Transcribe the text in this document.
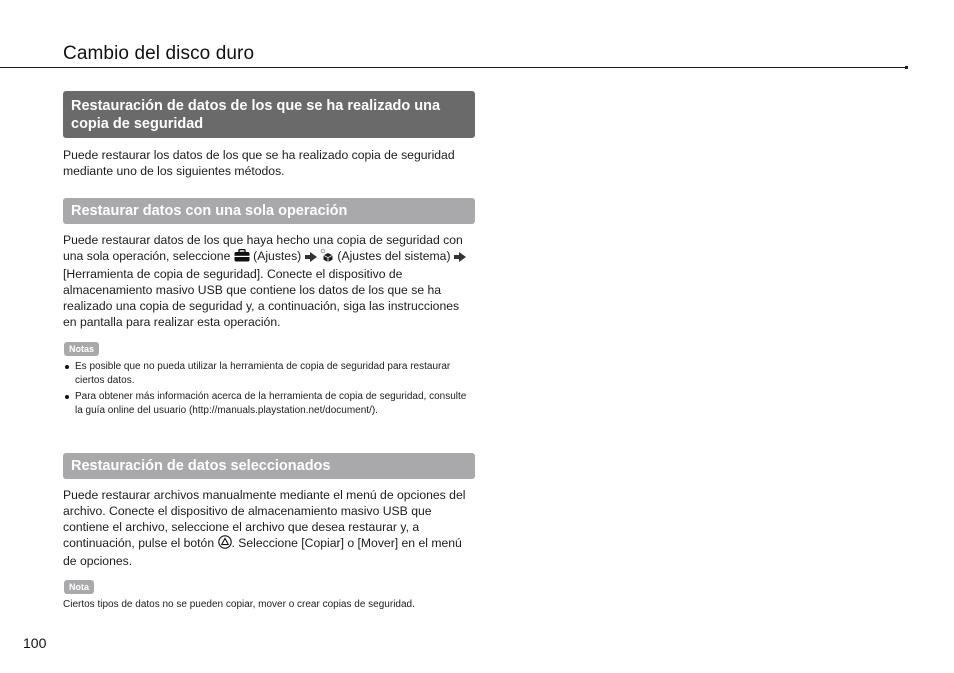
Cambio del disco duro
Restauración de datos de los que se ha realizado una copia de seguridad
Puede restaurar los datos de los que se ha realizado copia de seguridad mediante uno de los siguientes métodos.
Restaurar datos con una sola operación
Puede restaurar datos de los que haya hecho una copia de seguridad con una sola operación, seleccione (Ajustes)	(Ajustes del sistema)
[Herramienta de copia de seguridad]. Conecte el dispositivo de almacenamiento masivo USB que contiene los datos de los que se ha realizado una copia de seguridad y, a continuación, siga las instrucciones en pantalla para realizar esta operación.
Notas
Es posible que no pueda utilizar la herramienta de copia de seguridad para restaurar ciertos datos.
Para obtener más información acerca de la herramienta de copia de seguridad, consulte la guía online del usuario (http://manuals.playstation.net/document/).
Restauración de datos seleccionados
Puede restaurar archivos manualmente mediante el menú de opciones del archivo. Conecte el dispositivo de almacenamiento masivo USB que contiene el archivo, seleccione el archivo que desea restaurar y, a continuación, pulse el botón . Seleccione [Copiar] o [Mover] en el menú de opciones.
Nota
Ciertos tipos de datos no se pueden copiar, mover o crear copias de seguridad.
100
